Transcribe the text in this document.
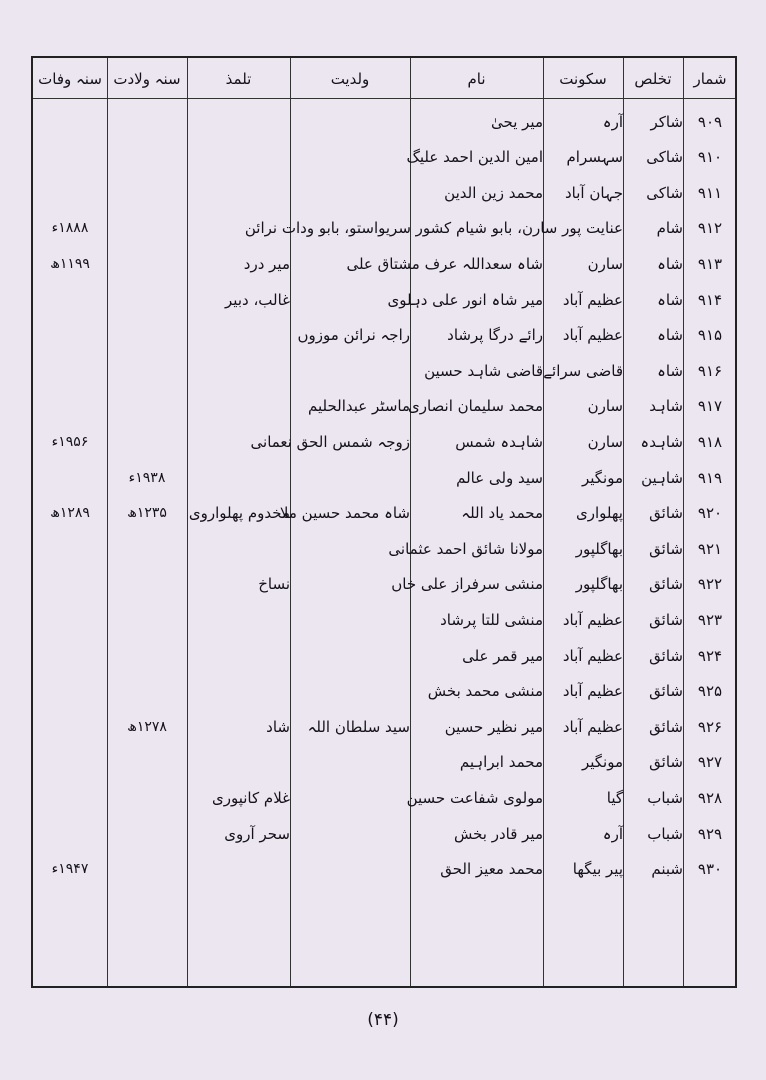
شمار
تخلص
سکونت
نام
ولدیت
تلمذ
سنہ ولادت
سنہ وفات
۹۰۹
شاکر
آرہ
میر یحیٰ
۹۱۰
شاکی
سہسرام
امین الدین احمد علیگ
۹۱۱
شاکی
جہان آباد
محمد زین الدین
۹۱۲
شام
عنایت پور سارن، بابو شیام کشور سریواستو، بابو ودات نرائن
۱۸۸۸ء
۹۱۳
شاہ
سارن
شاہ سعداللہ عرف مشتاق علی
میر درد
۱۱۹۹ھ
۹۱۴
شاہ
عظیم آباد
میر شاہ انور علی دہلوی
غالب، دبیر
۹۱۵
شاہ
عظیم آباد
رائے درگا پرشاد
راجہ نرائن موزوں
۹۱۶
شاہ
قاضی سرائے
قاضی شاہد حسین
۹۱۷
شاہد
سارن
محمد سلیمان انصاری
ماسٹر عبدالحلیم
۹۱۸
شاہدہ
سارن
شاہدہ شمس
زوجہ شمس الحق نعمانی
۱۹۵۶ء
۹۱۹
شاہین
مونگیر
سید ولی عالم
۱۹۳۸ء
۹۲۰
شائق
پھلواری
محمد یاد اللہ
شاہ محمد حسین ملا
مخدوم پھلواروی
۱۲۳۵ھ
۱۲۸۹ھ
۹۲۱
شائق
بھاگلپور
مولانا شائق احمد عثمانی
۹۲۲
شائق
بھاگلپور
منشی سرفراز علی خاں
نساخ
۹۲۳
شائق
عظیم آباد
منشی للتا پرشاد
۹۲۴
شائق
عظیم آباد
میر قمر علی
۹۲۵
شائق
عظیم آباد
منشی محمد بخش
۹۲۶
شائق
عظیم آباد
میر نظیر حسین
سید سلطان اللہ
شاد
۱۲۷۸ھ
۹۲۷
شائق
مونگیر
محمد ابراہیم
۹۲۸
شباب
گیا
مولوی شفاعت حسین
غلام کانپوری
۹۲۹
شباب
آرہ
میر قادر بخش
سحر آروی
۹۳۰
شبنم
پیر بیگھا
محمد معیز الحق
۱۹۴۷ء
(۴۴)
